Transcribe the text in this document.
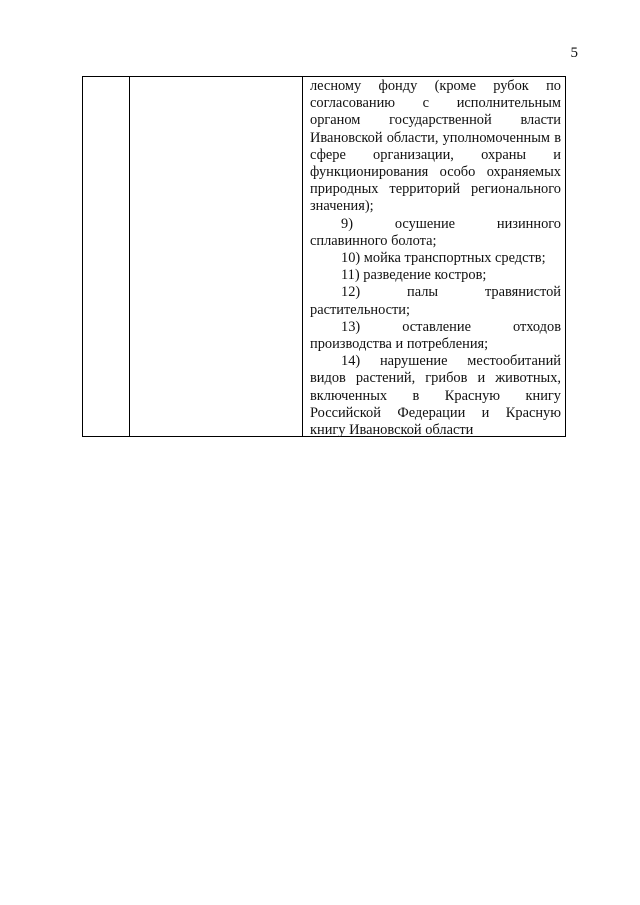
5

лесному фонду (кроме рубок по согласованию с исполнительным органом государственной власти Ивановской области, уполномоченным в сфере организации, охраны и функционирования особо охраняемых природных территорий регионального значения);

9) осушение низинного сплавинного болота;

10) мойка транспортных средств;

11) разведение костров;

12) палы травянистой растительности;

13) оставление отходов производства и потребления;

14) нарушение местообитаний видов растений, грибов и животных, включенных в Красную книгу Российской Федерации и Красную книгу Ивановской области
